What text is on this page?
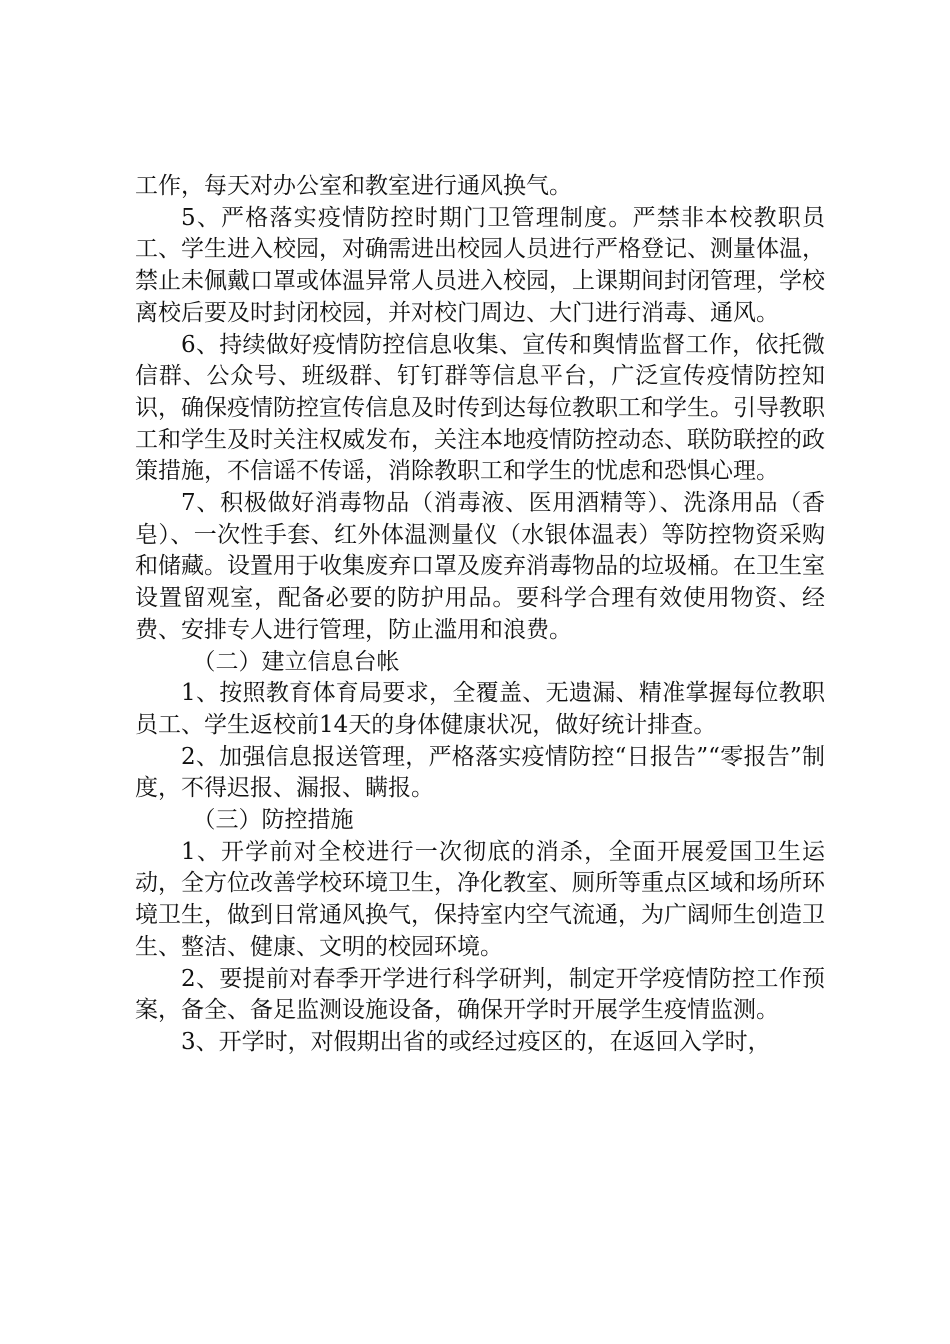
工作，每天对办公室和教室进行通风换气。

5、严格落实疫情防控时期门卫管理制度。严禁非本校教职员工、学生进入校园，对确需进出校园人员进行严格登记、测量体温，禁止未佩戴口罩或体温异常人员进入校园，上课期间封闭管理，学校离校后要及时封闭校园，并对校门周边、大门进行消毒、通风。

6、持续做好疫情防控信息收集、宣传和舆情监督工作，依托微信群、公众号、班级群、钉钉群等信息平台，广泛宣传疫情防控知识，确保疫情防控宣传信息及时传到达每位教职工和学生。引导教职工和学生及时关注权威发布，关注本地疫情防控动态、联防联控的政策措施，不信谣不传谣，消除教职工和学生的忧虑和恐惧心理。

7、积极做好消毒物品（消毒液、医用酒精等）、洗涤用品（香皂）、一次性手套、红外体温测量仪（水银体温表）等防控物资采购和储藏。设置用于收集废弃口罩及废弃消毒物品的垃圾桶。在卫生室设置留观室，配备必要的防护用品。要科学合理有效使用物资、经费、安排专人进行管理，防止滥用和浪费。

（二）建立信息台帐

1、按照教育体育局要求，全覆盖、无遗漏、精准掌握每位教职员工、学生返校前14天的身体健康状况，做好统计排查。

2、加强信息报送管理，严格落实疫情防控“日报告”“零报告”制度，不得迟报、漏报、瞒报。

（三）防控措施

1、开学前对全校进行一次彻底的消杀，全面开展爱国卫生运动，全方位改善学校环境卫生，净化教室、厕所等重点区域和场所环境卫生，做到日常通风换气，保持室内空气流通，为广阔师生创造卫生、整洁、健康、文明的校园环境。

2、要提前对春季开学进行科学研判，制定开学疫情防控工作预案，备全、备足监测设施设备，确保开学时开展学生疫情监测。

3、开学时，对假期出省的或经过疫区的，在返回入学时，
